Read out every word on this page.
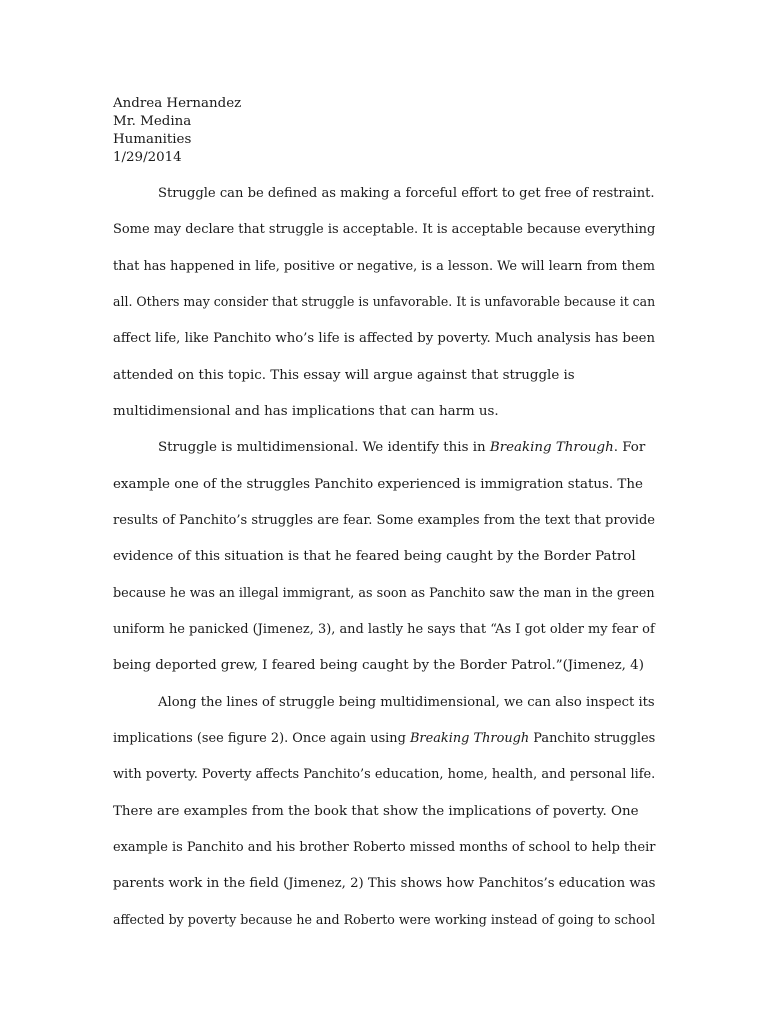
Andrea Hernandez
Mr. Medina
Humanities
1/29/2014
Struggle can be defined as making a forceful effort to get free of restraint.
Some may declare that struggle is acceptable. It is acceptable because everything
that has happened in life, positive or negative, is a lesson. We will learn from them
all. Others may consider that struggle is unfavorable. It is unfavorable because it can
affect life, like Panchito who’s life is affected by poverty. Much analysis has been
attended on this topic. This essay will argue against that struggle is
multidimensional and has implications that can harm us.
Struggle is multidimensional. We identify this in Breaking Through. For
example one of the struggles Panchito experienced is immigration status. The
results of Panchito’s struggles are fear. Some examples from the text that provide
evidence of this situation is that he feared being caught by the Border Patrol
because he was an illegal immigrant, as soon as Panchito saw the man in the green
uniform he panicked (Jimenez, 3), and lastly he says that “As I got older my fear of
being deported grew, I feared being caught by the Border Patrol.”(Jimenez, 4)
Along the lines of struggle being multidimensional, we can also inspect its
implications (see figure 2). Once again using Breaking Through Panchito struggles
with poverty. Poverty affects Panchito’s education, home, health, and personal life.
There are examples from the book that show the implications of poverty. One
example is Panchito and his brother Roberto missed months of school to help their
parents work in the field (Jimenez, 2) This shows how Panchitos’s education was
affected by poverty because he and Roberto were working instead of going to school
